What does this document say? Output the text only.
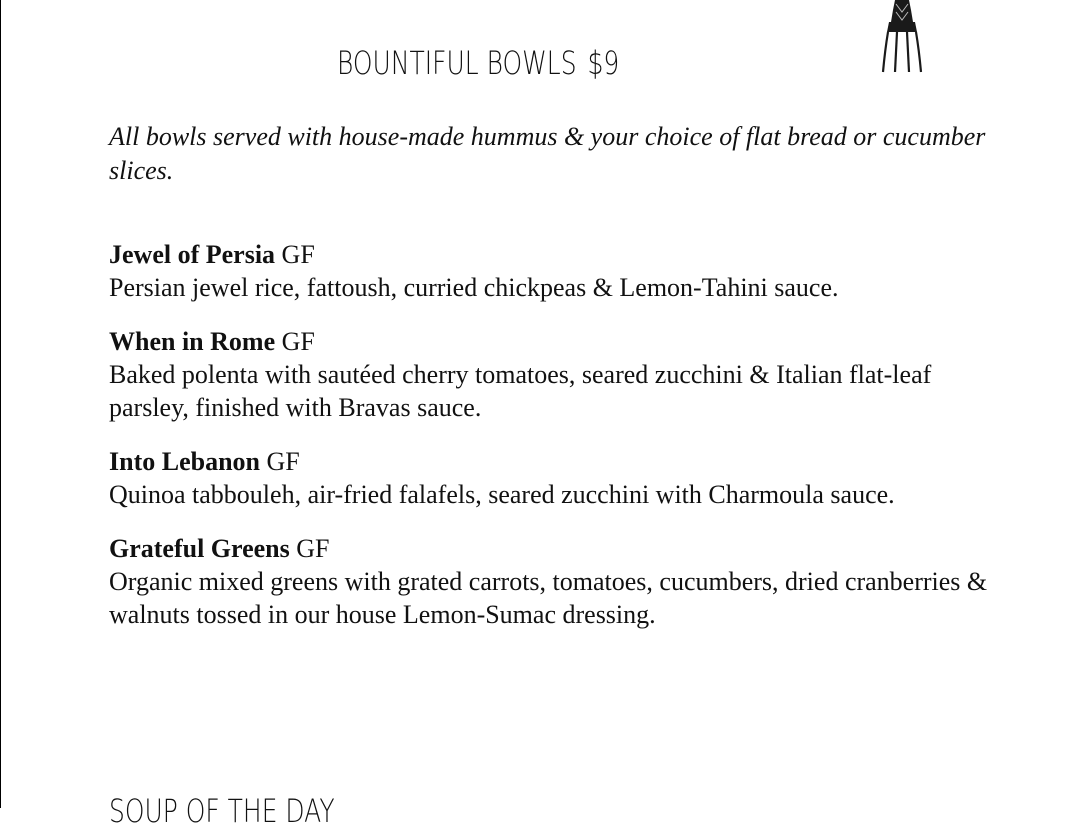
BOUNTIFUL BOWLS $9
All bowls served with house-made hummus & your choice of flat bread or cucumber slices.
Jewel of Persia GF
Persian jewel rice, fattoush, curried chickpeas & Lemon-Tahini sauce.
When in Rome GF
Baked polenta with sautéed cherry tomatoes, seared zucchini & Italian flat-leaf parsley, finished with Bravas sauce.
Into Lebanon GF
Quinoa tabbouleh, air-fried falafels, seared zucchini with Charmoula sauce.
Grateful Greens GF
Organic mixed greens with grated carrots, tomatoes, cucumbers, dried cranberries & walnuts tossed in our house Lemon-Sumac dressing.
SOUP OF THE DAY
